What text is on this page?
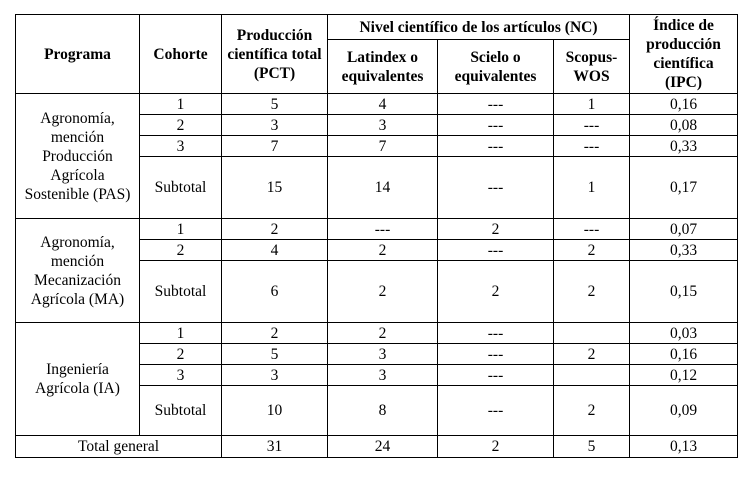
Programa	Cohorte	Producción científica total (PCT)	Nivel científico de los artículos (NC)			Índice de producción científica (IPC)
			Latindex o equivalentes	Scielo o equivalentes	Scopus-WOS	
Agronomía, mención Producción Agrícola Sostenible (PAS)	1	5	4	---	1	0,16
	2	3	3	---	---	0,08
	3	7	7	---	---	0,33
	Subtotal	15	14	---	1	0,17
Agronomía, mención Mecanización Agrícola (MA)	1	2	---	2	---	0,07
	2	4	2	---	2	0,33
	Subtotal	6	2	2	2	0,15
Ingeniería Agrícola (IA)	1	2	2	---		0,03
	2	5	3	---	2	0,16
	3	3	3	---		0,12
	Subtotal	10	8	---	2	0,09
Total general		31	24	2	5	0,13
